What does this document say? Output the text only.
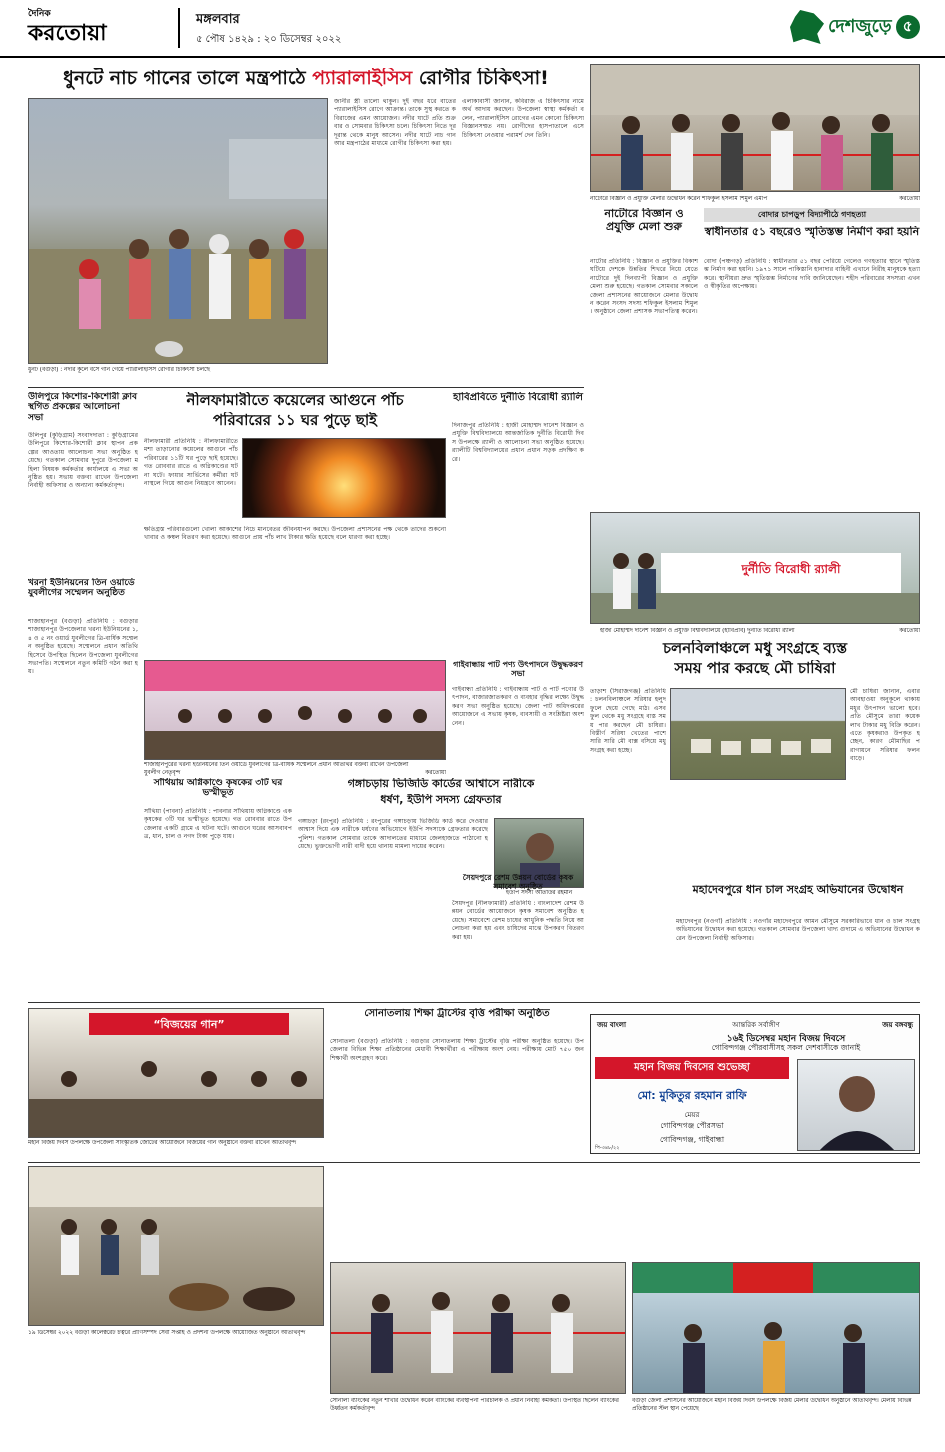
দৈনিক
করতোয়া
মঙ্গলবার
৫ পৌষ ১৪২৯ : ২০ ডিসেম্বর ২০২২
দেশজুড়ে ৫
ধুনটে নাচ গানের তালে মন্ত্রপাঠে প্যারালাইসিস রোগীর চিকিৎসা!
ধুনট (বগুড়া) : নদীর কূলে বসে গান গেয়ে প্যারালাইসিস রোগীর চিকিৎসা চলছে
জানীর স্ত্রী তালো থাকুন। দুই বছর ধরে বাতের প্যারালাইসিস রোগে আক্রান্ত। তাকে সুস্থ করতে কবিরাজের এমন আয়োজন। নদীর ঘাটে প্রতি শুক্রবার ও সোমবার চিকিৎসা চলে। চিকিৎসা নিতে দূর দূরান্ত থেকে মানুষ আসেন। নদীর ঘাটে নাচ গান আর মন্ত্রপাঠের মাধ্যমে রোগীর চিকিৎসা করা হয়।
এলাকাবাসী জানান, কবিরাজ এ চিকিৎসার নামে অর্থ আদায় করছেন। উপজেলা স্বাস্থ্য কর্মকর্তা বলেন, প্যারালাইসিস রোগের এমন কোনো চিকিৎসা বিজ্ঞানসম্মত নয়। রোগীদের হাসপাতালে এসে চিকিৎসা নেওয়ার পরামর্শ দেন তিনি।
নাটোরে বিজ্ঞান ও প্রযুক্তি মেলার উদ্বোধন করেন শফিকুল ইসলাম শিমুল এমপি	করতোয়া
নাটোরে বিজ্ঞান ও প্রযুক্তি মেলা শুরু
নাটোর প্রতিনিধি : বিজ্ঞান ও প্রযুক্তির বিকাশ ঘটিয়ে দেশকে উন্নতির শিখরে নিয়ে যেতে নাটোরে দুই দিনব্যাপী বিজ্ঞান ও প্রযুক্তি মেলা শুরু হয়েছে। গতকাল সোমবার সকালে জেলা প্রশাসনের আয়োজনে মেলার উদ্বোধন করেন সংসদ সদস্য শফিকুল ইসলাম শিমুল। অনুষ্ঠানে জেলা প্রশাসক সভাপতিত্ব করেন।
বোদার চাপড়ুপ বিদ্যাপীঠে গণহত্যা
স্বাধীনতার ৫১ বছরেও স্মৃতিস্তম্ভ নির্মাণ করা হয়নি
বোদা (পঞ্চগড়) প্রতিনিধি : স্বাধীনতার ৫১ বছর পেরিয়ে গেলেও গণহত্যার স্থানে স্মৃতিস্তম্ভ নির্মাণ করা হয়নি। ১৯৭১ সালে পাকিস্তানি হানাদার বাহিনী এখানে নিরীহ মানুষকে হত্যা করে। স্থানীয়রা দ্রুত স্মৃতিস্তম্ভ নির্মাণের দাবি জানিয়েছেন। শহীদ পরিবারের সদস্যরা এখনও স্বীকৃতির অপেক্ষায়।
দুর্নীতি বিরোধী র‍্যালী
হাজী মোহাম্মদ দানেশ বিজ্ঞান ও প্রযুক্তি বিশ্ববিদ্যালয়ে (হাবিপ্রবি) দুর্নীতি বিরোধী র‍্যালী	করতোয়া
উলিপুরে কিশোর-কিশোরী ক্লাব স্থগিত প্রকল্পের আলোচনা সভা
উলিপুর (কুড়িগ্রাম) সংবাদদাতা : কুড়িগ্রামের উলিপুরে কিশোর-কিশোরী ক্লাব স্থাপন প্রকল্পের আওতায় আলোচনা সভা অনুষ্ঠিত হয়েছে। গতকাল সোমবার দুপুরে উপজেলা মহিলা বিষয়ক কর্মকর্তার কার্যালয়ে এ সভা অনুষ্ঠিত হয়। সভায় বক্তব্য রাখেন উপজেলা নির্বাহী অফিসার ও অন্যান্য কর্মকর্তাবৃন্দ।
নীলফামারীতে কয়েলের আগুনে পাঁচ
পরিবারের ১১ ঘর পুড়ে ছাই
নীলফামারী প্রতিনিধি : নীলফামারীতে মশা তাড়ানোর কয়েলের আগুনে পাঁচ পরিবারের ১১টি ঘর পুড়ে ছাই হয়েছে। গত রোববার রাতে এ অগ্নিকাণ্ডের ঘটনা ঘটে। ফায়ার সার্ভিসের কর্মীরা ঘটনাস্থলে গিয়ে আগুন নিয়ন্ত্রণে আনেন।
ক্ষতিগ্রস্ত পরিবারগুলো খোলা আকাশের নিচে মানবেতর জীবনযাপন করছে। উপজেলা প্রশাসনের পক্ষ থেকে তাদের শুকনো খাবার ও কম্বল বিতরণ করা হয়েছে। আগুনে প্রায় পাঁচ লাখ টাকার ক্ষতি হয়েছে বলে ধারণা করা হচ্ছে।
হাবিপ্রবিতে দুর্নীতি বিরোধী র‍্যালি
দিনাজপুর প্রতিনিধি : হাজী মোহাম্মদ দানেশ বিজ্ঞান ও প্রযুক্তি বিশ্ববিদ্যালয়ে আন্তর্জাতিক দুর্নীতি বিরোধী দিবস উপলক্ষে র‍্যালী ও আলোচনা সভা অনুষ্ঠিত হয়েছে। র‍্যালীটি বিশ্ববিদ্যালয়ের প্রধান প্রধান সড়ক প্রদক্ষিণ করে।
খরনা ইউনিয়নের তিন ওয়ার্ডে যুবলীগের সম্মেলন অনুষ্ঠিত
শাজাহানপুর (বগুড়া) প্রতিনিধি : বগুড়ার শাজাহানপুর উপজেলার খরনা ইউনিয়নের ১, ৪ ও ৫ নং ওয়ার্ড যুবলীগের ত্রি-বার্ষিক সম্মেলন অনুষ্ঠিত হয়েছে। সম্মেলনে প্রধান অতিথি হিসেবে উপস্থিত ছিলেন উপজেলা যুবলীগের সভাপতি। সম্মেলনে নতুন কমিটি গঠন করা হয়।
শাজাহানপুরের খরনা ইউনিয়নের তিন ওয়ার্ডে যুবলীগের ত্রি-বার্ষিক সম্মেলনে প্রধান অতিথির বক্তব্য রাখেন উপজেলা যুবলীগ নেতৃবৃন্দ	করতোয়া
গাইবান্ধায় পাট পণ্য উৎপাদনে উদ্বুদ্ধকরণ সভা
গাইবান্ধা প্রতিনিধি : গাইবান্ধায় পাট ও পাট পণ্যের উৎপাদন, বাজারজাতকরণ ও ব্যবহার বৃদ্ধির লক্ষ্যে উদ্বুদ্ধকরণ সভা অনুষ্ঠিত হয়েছে। জেলা পাট অধিদপ্তরের আয়োজনে এ সভায় কৃষক, ব্যবসায়ী ও সংশ্লিষ্টরা অংশ নেন।
চলনবিলাঞ্চলে মধু সংগ্রহে ব্যস্ত
সময় পার করছে মৌ চাষিরা
তাড়াশ (সিরাজগঞ্জ) প্রতিনিধি : চলনবিলাঞ্চলে সরিষার হলুদ ফুলে ছেয়ে গেছে মাঠ। এসব ফুল থেকে মধু সংগ্রহে ব্যস্ত সময় পার করছেন মৌ চাষিরা। বিস্তীর্ণ সরিষা খেতের পাশে সারি সারি মৌ বাক্স বসিয়ে মধু সংগ্রহ করা হচ্ছে।
মৌ চাষিরা জানান, এবার আবহাওয়া অনুকূলে থাকায় মধুর উৎপাদন ভালো হবে। প্রতি মৌসুমে তারা কয়েক লাখ টাকার মধু বিক্রি করেন। এতে কৃষকরাও উপকৃত হচ্ছেন, কারণ মৌমাছির পরাগায়নে সরিষার ফলন বাড়ে।
সাঁথিয়ায় অগ্নিকাণ্ডে কৃষকের ৩টি ঘর ভস্মীভূত
সাঁথিয়া (পাবনা) প্রতিনিধি : পাবনার সাঁথিয়ায় অগ্নিকাণ্ডে এক কৃষকের ৩টি ঘর ভস্মীভূত হয়েছে। গত রোববার রাতে উপজেলার একটি গ্রামে এ ঘটনা ঘটে। আগুনে ঘরের আসবাবপত্র, ধান, চাল ও নগদ টাকা পুড়ে যায়।
গঙ্গাচড়ায় ভিজিডি কার্ডের আশ্বাসে নারীকে
ধর্ষণ, ইউপি সদস্য গ্রেফতার
গঙ্গাচড়া (রংপুর) প্রতিনিধি : রংপুরের গঙ্গাচড়ায় ভিজিডি কার্ড করে দেওয়ার আশ্বাস দিয়ে এক নারীকে ধর্ষণের অভিযোগে ইউপি সদস্যকে গ্রেফতার করেছে পুলিশ। গতকাল সোমবার তাকে আদালতের মাধ্যমে জেলহাজতে পাঠানো হয়েছে। ভুক্তভোগী নারী বাদী হয়ে থানায় মামলা দায়ের করেন।
ইউপি সদস্য আতাউর রহমান
সৈয়দপুরে রেশম উন্নয়ন বোর্ডের কৃষক সমাবেশ অনুষ্ঠিত
সৈয়দপুর (নীলফামারী) প্রতিনিধি : বাংলাদেশ রেশম উন্নয়ন বোর্ডের আয়োজনে কৃষক সমাবেশ অনুষ্ঠিত হয়েছে। সমাবেশে রেশম চাষের আধুনিক পদ্ধতি নিয়ে আলোচনা করা হয় এবং চাষিদের মাঝে উপকরণ বিতরণ করা হয়।
মহাদেবপুরে ধান চাল সংগ্রহ অভিযানের উদ্বোধন
মহাদেবপুর (নওগাঁ) প্রতিনিধি : নওগাঁর মহাদেবপুরে আমন মৌসুমে সরকারিভাবে ধান ও চাল সংগ্রহ অভিযানের উদ্বোধন করা হয়েছে। গতকাল সোমবার উপজেলা খাদ্য গুদামে এ অভিযানের উদ্বোধন করেন উপজেলা নির্বাহী অফিসার।
“বিজয়ের গান”
মহান বিজয় দিবস উপলক্ষে উপজেলা সাংস্কৃতিক জোটের আয়োজনে বিজয়ের গান অনুষ্ঠানে বক্তব্য রাখেন অতিথিবৃন্দ
সোনাতলায় শিক্ষা ট্রাস্টের বৃত্তি পরীক্ষা অনুষ্ঠিত
সোনাতলা (বগুড়া) প্রতিনিধি : বগুড়ার সোনাতলায় শিক্ষা ট্রাস্টের বৃত্তি পরীক্ষা অনুষ্ঠিত হয়েছে। উপজেলার বিভিন্ন শিক্ষা প্রতিষ্ঠানের মেধাবী শিক্ষার্থীরা এ পরীক্ষায় অংশ নেয়। পরীক্ষায় মোট ৭৫০ জন শিক্ষার্থী অংশগ্রহণ করে।
জয় বাংলা	জয় বঙ্গবন্ধু
আন্তরিক সর্বাঙ্গীণ
১৬ই ডিসেম্বর মহান বিজয় দিবসে
গোবিন্দগঞ্জ পৌরবাসীসহ সকল দেশবাসীকে জানাই
মহান বিজয় দিবসের শুভেচ্ছা
মো: মুকিতুর রহমান রাফি
মেয়র
গোবিন্দগঞ্জ পৌরসভা
গোবিন্দগঞ্জ, গাইবান্ধা
পি-৩৪৮/২২
১৯ ডিসেম্বর ২০২২ বগুড়া কালেক্টরেট চত্বরে প্রাণিসম্পদ সেবা সপ্তাহ ও প্রদর্শনী উপলক্ষে আয়োজিত অনুষ্ঠানে অতিথিবৃন্দ
সোনালী ব্যাংকের নতুন শাখার উদ্বোধন করেন ব্যাংকের ব্যবস্থাপনা পরিচালক ও প্রধান নির্বাহী কর্মকর্তা। উপস্থিত ছিলেন ব্যাংকের উর্ধ্বতন কর্মকর্তাবৃন্দ
বগুড়া জেলা প্রশাসনের আয়োজনে মহান বিজয় দিবস উপলক্ষে বিজয় মেলার উদ্বোধন অনুষ্ঠানে অতিথিবৃন্দ। মেলায় বিভিন্ন প্রতিষ্ঠানের স্টল স্থান পেয়েছে
